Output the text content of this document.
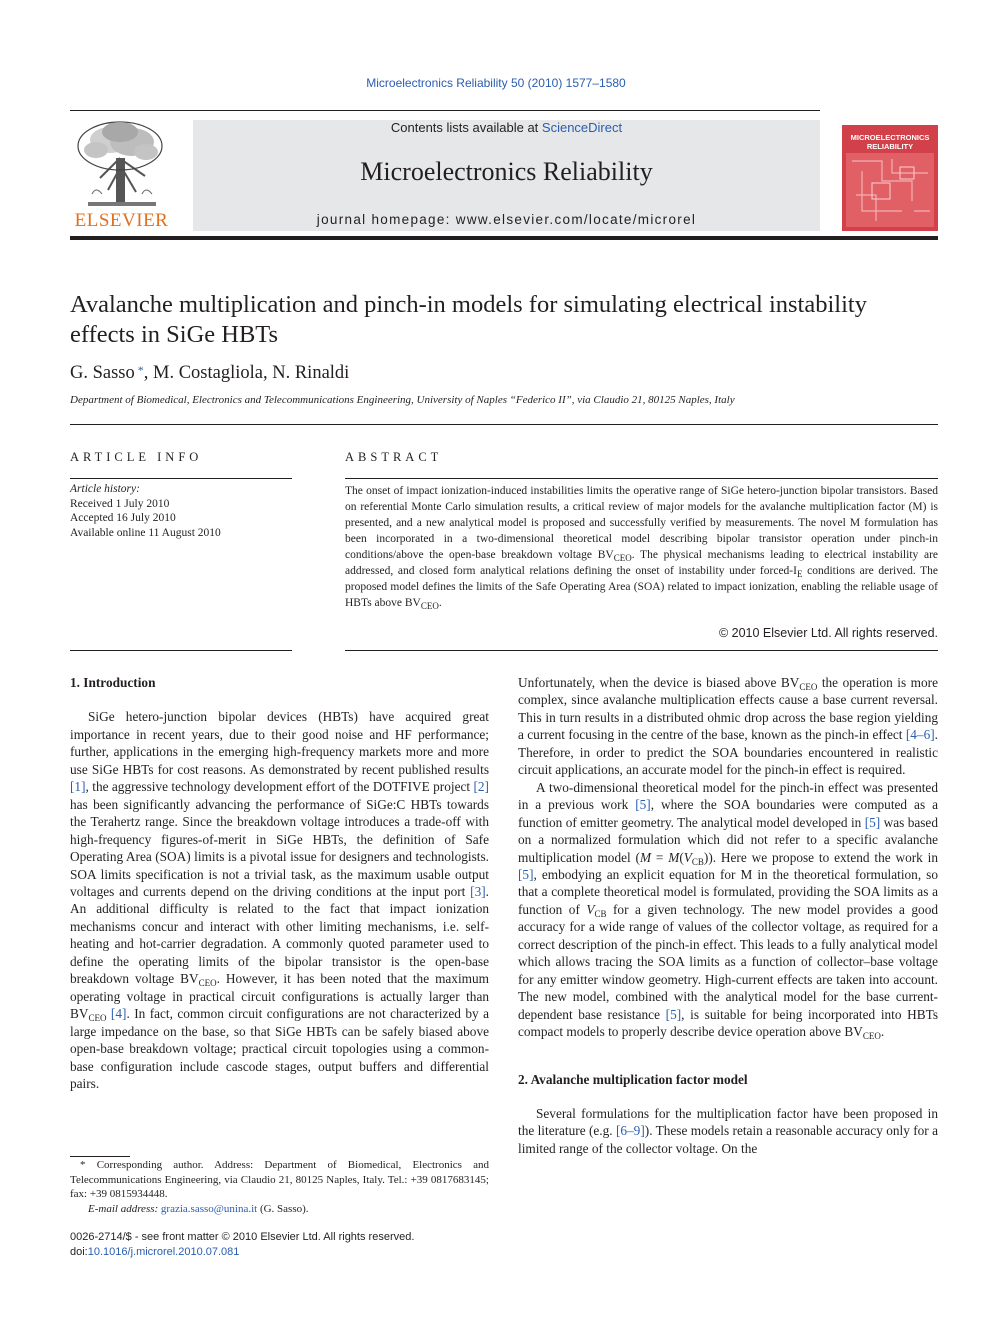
Microelectronics Reliability 50 (2010) 1577–1580
ELSEVIER
Contents lists available at ScienceDirect
Microelectronics Reliability
journal homepage: www.elsevier.com/locate/microrel
MICROELECTRONICS
RELIABILITY
Avalanche multiplication and pinch-in models for simulating electrical instability effects in SiGe HBTs
G. Sasso *, M. Costagliola, N. Rinaldi
Department of Biomedical, Electronics and Telecommunications Engineering, University of Naples “Federico II”, via Claudio 21, 80125 Naples, Italy
ARTICLE INFO	ABSTRACT
Article history:
Received 1 July 2010
Accepted 16 July 2010
Available online 11 August 2010
The onset of impact ionization-induced instabilities limits the operative range of SiGe hetero-junction bipolar transistors. Based on referential Monte Carlo simulation results, a critical review of major models for the avalanche multiplication factor (M) is presented, and a new analytical model is proposed and successfully verified by measurements. The novel M formulation has been incorporated in a two-dimensional theoretical model describing bipolar transistor operation under pinch-in conditions/above the open-base breakdown voltage $BV_{CEO}$. The physical mechanisms leading to electrical instability are addressed, and closed form analytical relations defining the onset of instability under forced-$I_E$ conditions are derived. The proposed model defines the limits of the Safe Operating Area (SOA) related to impact ionization, enabling the reliable usage of HBTs above $BV_{CEO}$.
© 2010 Elsevier Ltd. All rights reserved.

1. Introduction

SiGe hetero-junction bipolar devices (HBTs) have acquired great importance in recent years, due to their good noise and HF performance; further, applications in the emerging high-frequency markets more and more use SiGe HBTs for cost reasons. As demonstrated by recent published results [1], the aggressive technology development effort of the DOTFIVE project [2] has been significantly advancing the performance of SiGe:C HBTs towards the Terahertz range. Since the breakdown voltage introduces a trade-off with high-frequency figures-of-merit in SiGe HBTs, the definition of Safe Operating Area (SOA) limits is a pivotal issue for designers and technologists. SOA limits specification is not a trivial task, as the maximum usable output voltages and currents depend on the driving conditions at the input port [3]. An additional difficulty is related to the fact that impact ionization mechanisms concur and interact with other limiting mechanisms, i.e. self-heating and hot-carrier degradation. A commonly quoted parameter used to define the operating limits of the bipolar transistor is the open-base breakdown voltage $BV_{CEO}$. However, it has been noted that the maximum operating voltage in practical circuit configurations is actually larger than $BV_{CEO}$ [4]. In fact, common circuit configurations are not characterized by a large impedance on the base, so that SiGe HBTs can be safely biased above open-base breakdown voltage; practical circuit topologies using a common-base configuration include cascode stages, output buffers and differential pairs.

Unfortunately, when the device is biased above $BV_{CEO}$ the operation is more complex, since avalanche multiplication effects cause a base current reversal. This in turn results in a distributed ohmic drop across the base region yielding a current focusing in the centre of the base, known as the pinch-in effect [4–6]. Therefore, in order to predict the SOA boundaries encountered in realistic circuit applications, an accurate model for the pinch-in effect is required.

A two-dimensional theoretical model for the pinch-in effect was presented in a previous work [5], where the SOA boundaries were computed as a function of emitter geometry. The analytical model developed in [5] was based on a normalized formulation which did not refer to a specific avalanche multiplication model $(M = M(V_{CB}))$. Here we propose to extend the work in [5], embodying an explicit equation for M in the theoretical formulation, so that a complete theoretical model is formulated, providing the SOA limits as a function of $V_{CB}$ for a given technology. The new model provides a good accuracy for a wide range of values of the collector voltage, as required for a correct description of the pinch-in effect. This leads to a fully analytical model which allows tracing the SOA limits as a function of collector–base voltage for any emitter window geometry. High-current effects are taken into account. The new model, combined with the analytical model for the base current-dependent base resistance [5], is suitable for being incorporated into HBTs compact models to properly describe device operation above $BV_{CEO}$.

2. Avalanche multiplication factor model

Several formulations for the multiplication factor have been proposed in the literature (e.g. [6–9]). These models retain a reasonable accuracy only for a limited range of the collector voltage. On the

* Corresponding author. Address: Department of Biomedical, Electronics and Telecommunications Engineering, via Claudio 21, 80125 Naples, Italy. Tel.: +39 0817683145; fax: +39 0815934448.
E-mail address: grazia.sasso@unina.it (G. Sasso).
0026-2714/$ - see front matter © 2010 Elsevier Ltd. All rights reserved.
doi:10.1016/j.microrel.2010.07.081
